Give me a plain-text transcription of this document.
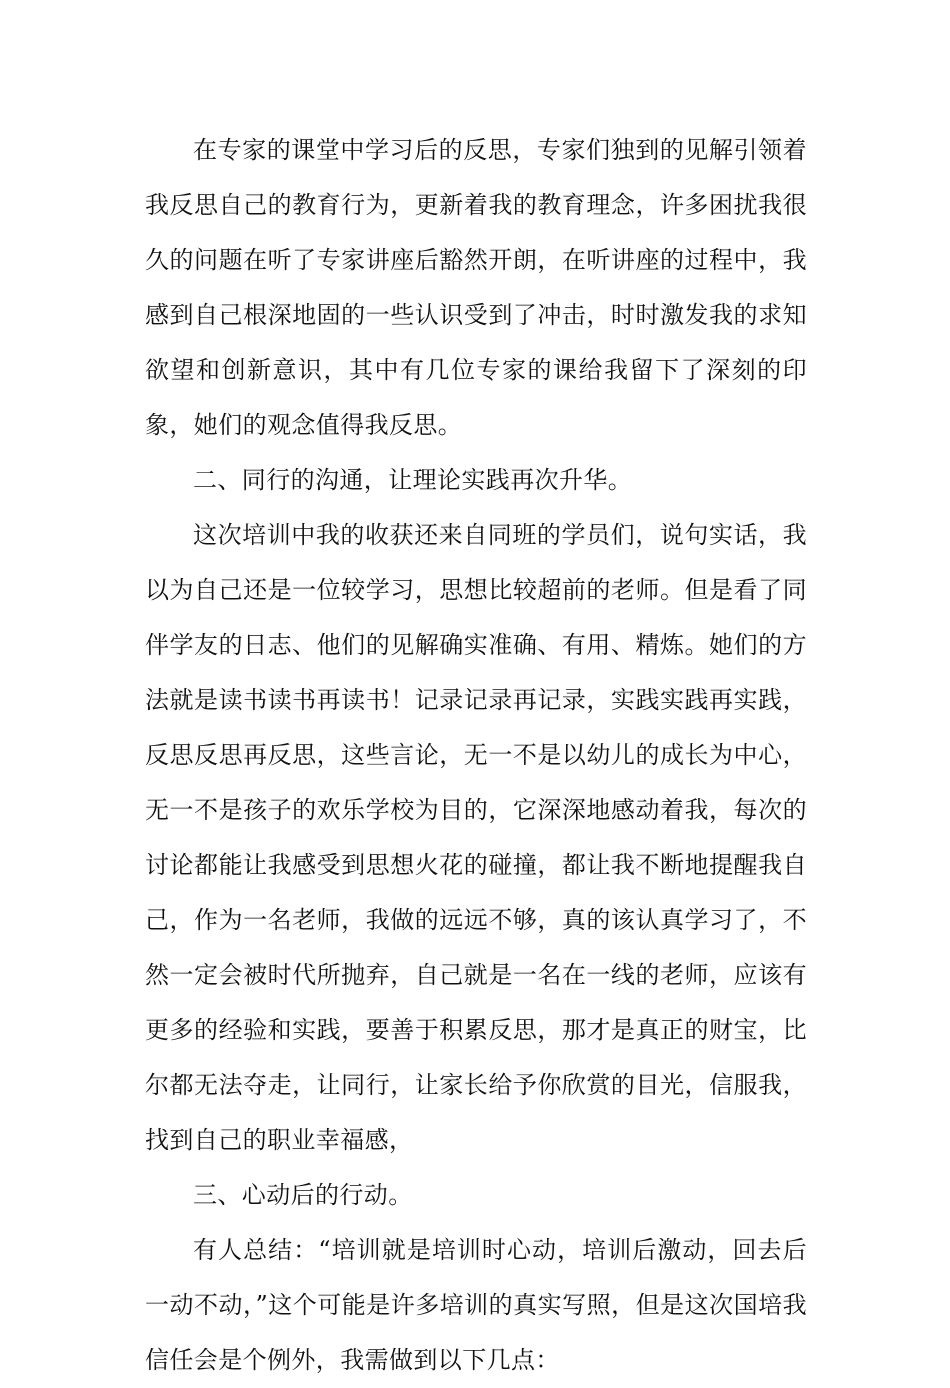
在专家的课堂中学习后的反思，专家们独到的见解引领着我反思自己的教育行为，更新着我的教育理念，许多困扰我很久的问题在听了专家讲座后豁然开朗，在听讲座的过程中，我感到自己根深地固的一些认识受到了冲击，时时激发我的求知欲望和创新意识，其中有几位专家的课给我留下了深刻的印象，她们的观念值得我反思。

二、同行的沟通，让理论实践再次升华。

这次培训中我的收获还来自同班的学员们，说句实话，我以为自己还是一位较学习，思想比较超前的老师。但是看了同伴学友的日志、他们的见解确实准确、有用、精炼。她们的方法就是读书读书再读书！记录记录再记录，实践实践再实践，反思反思再反思，这些言论，无一不是以幼儿的成长为中心，无一不是孩子的欢乐学校为目的，它深深地感动着我，每次的讨论都能让我感受到思想火花的碰撞，都让我不断地提醒我自己，作为一名老师，我做的远远不够，真的该认真学习了，不然一定会被时代所抛弃，自己就是一名在一线的老师，应该有更多的经验和实践，要善于积累反思，那才是真正的财宝，比尔都无法夺走，让同行，让家长给予你欣赏的目光，信服我，找到自己的职业幸福感，

三、心动后的行动。

有人总结：“培训就是培训时心动，培训后激动，回去后一动不动，”这个可能是许多培训的真实写照，但是这次国培我信任会是个例外，我需做到以下几点：
